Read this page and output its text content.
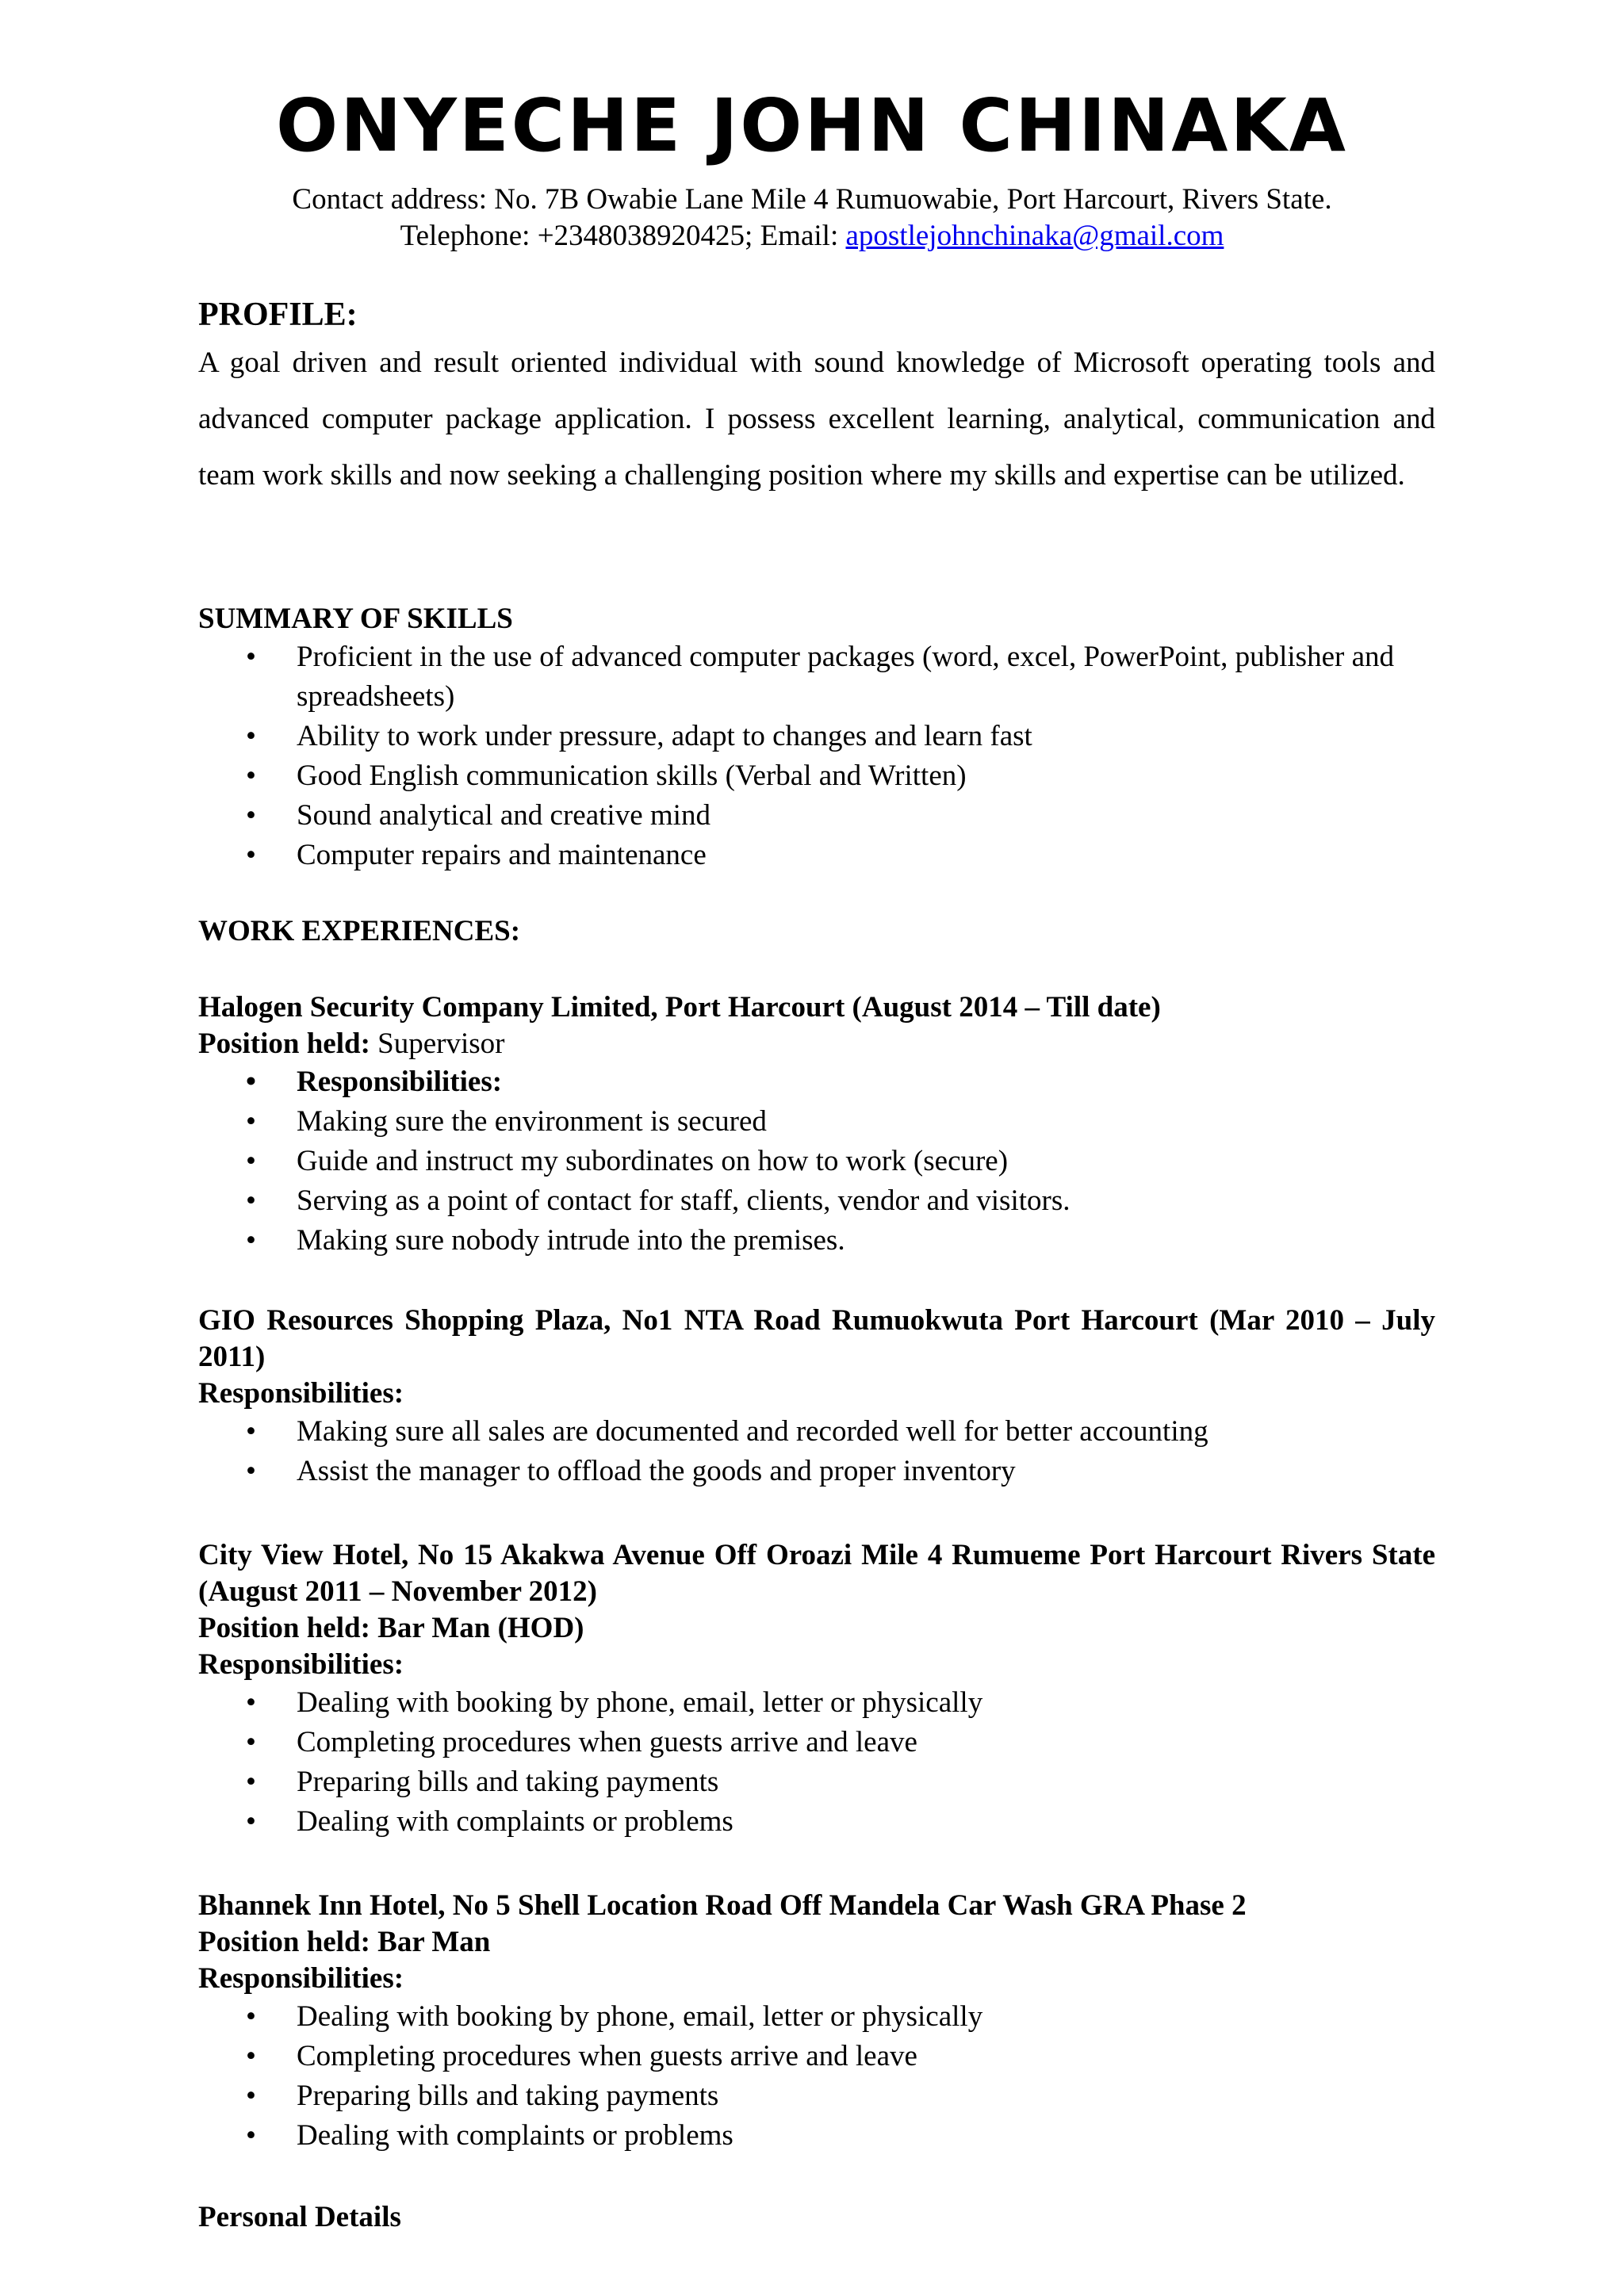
ONYECHE JOHN CHINAKA
Contact address: No. 7B Owabie Lane Mile 4 Rumuowabie, Port Harcourt, Rivers State.
Telephone: +2348038920425; Email: apostlejohnchinaka@gmail.com

PROFILE:

A goal driven and result oriented individual with sound knowledge of Microsoft operating tools and advanced computer package application. I possess excellent learning, analytical, communication and team work skills and now seeking a challenging position where my skills and expertise can be utilized.

SUMMARY OF SKILLS

• Proficient in the use of advanced computer packages (word, excel, PowerPoint, publisher and spreadsheets)
• Ability to work under pressure, adapt to changes and learn fast
• Good English communication skills (Verbal and Written)
• Sound analytical and creative mind
• Computer repairs and maintenance

WORK EXPERIENCES:

Halogen Security Company Limited, Port Harcourt (August 2014 – Till date)

Position held: Supervisor

• Responsibilities:
• Making sure the environment is secured
• Guide and instruct my subordinates on how to work (secure)
• Serving as a point of contact for staff, clients, vendor and visitors.
• Making sure nobody intrude into the premises.

GIO Resources Shopping Plaza, No1 NTA Road Rumuokwuta Port Harcourt (Mar 2010 – July 2011)

Responsibilities:

• Making sure all sales are documented and recorded well for better accounting
• Assist the manager to offload the goods and proper inventory

City View Hotel, No 15 Akakwa Avenue Off Oroazi Mile 4 Rumueme Port Harcourt Rivers State (August 2011 – November 2012)

Position held: Bar Man (HOD)

Responsibilities:

• Dealing with booking by phone, email, letter or physically
• Completing procedures when guests arrive and leave
• Preparing bills and taking payments
• Dealing with complaints or problems

Bhannek Inn Hotel, No 5 Shell Location Road Off Mandela Car Wash GRA Phase 2

Position held: Bar Man

Responsibilities:

• Dealing with booking by phone, email, letter or physically
• Completing procedures when guests arrive and leave
• Preparing bills and taking payments
• Dealing with complaints or problems

Personal Details
